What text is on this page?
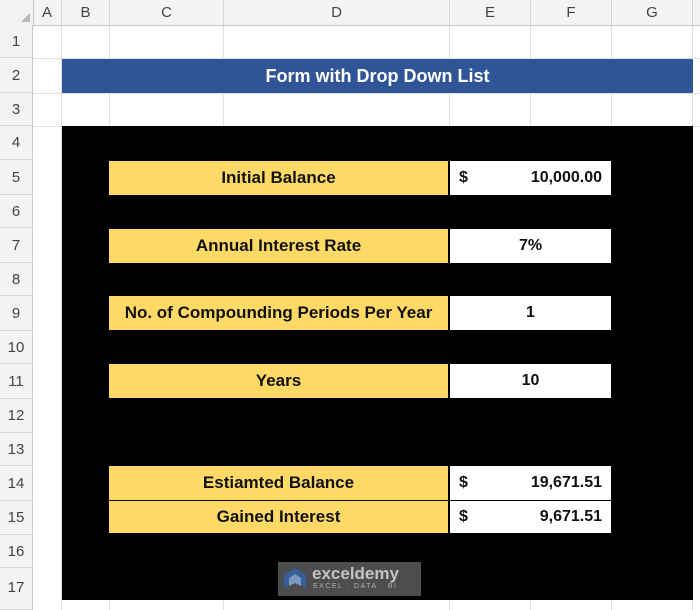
A	B	C	D	E	F	G
1
2
3
4
5
6
7
8
9
10
11
12
13
14
15
16
17
Form with Drop Down List
Initial Balance	$	10,000.00
Annual Interest Rate	7%
No. of Compounding Periods Per Year	1
Years	10
Estiamted Balance	$	19,671.51
Gained Interest	$	9,671.51
exceldemy
EXCEL · DATA · BI
